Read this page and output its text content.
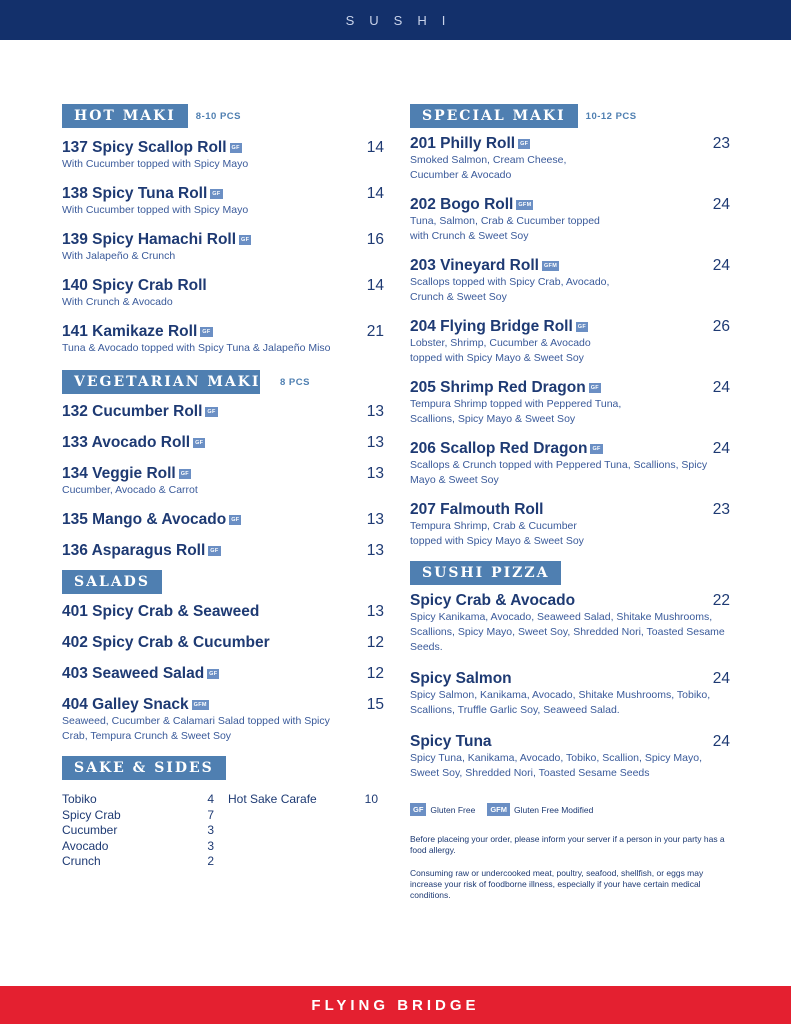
SUSHI
HOT MAKI	8-10 PCS
137 Spicy Scallop Roll GF	14
With Cucumber topped with Spicy Mayo
138 Spicy Tuna Roll GF	14
With Cucumber topped with Spicy Mayo
139 Spicy Hamachi Roll GF	16
With Jalapeño & Crunch
140 Spicy Crab Roll	14
With Crunch & Avocado
141 Kamikaze Roll GF	21
Tuna & Avocado topped with Spicy Tuna & Jalapeño Miso
VEGETARIAN MAKI 8 PCS
132 Cucumber Roll GF	13
133 Avocado Roll GF	13
134 Veggie Roll GF	13
Cucumber, Avocado & Carrot
135 Mango & Avocado GF	13
136 Asparagus Roll GF	13
SALADS
401 Spicy Crab & Seaweed	13
402 Spicy Crab & Cucumber	12
403 Seaweed Salad GF	12
404 Galley Snack GFM	15
Seaweed, Cucumber & Calamari Salad topped with Spicy Crab, Tempura Crunch & Sweet Soy
SAKE & SIDES
Tobiko	4
Spicy Crab	7
Cucumber	3
Avocado	3
Crunch	2
Hot Sake Carafe	10
SPECIAL MAKI	10-12 PCS
201 Philly Roll GF	23
Smoked Salmon, Cream Cheese, Cucumber & Avocado
202 Bogo Roll GFM	24
Tuna, Salmon, Crab & Cucumber topped with Crunch & Sweet Soy
203 Vineyard Roll GFM	24
Scallops topped with Spicy Crab, Avocado, Crunch & Sweet Soy
204 Flying Bridge Roll GF	26
Lobster, Shrimp, Cucumber & Avocado topped with Spicy Mayo & Sweet Soy
205 Shrimp Red Dragon GF	24
Tempura Shrimp topped with Peppered Tuna, Scallions, Spicy Mayo & Sweet Soy
206 Scallop Red Dragon GF	24
Scallops & Crunch topped with Peppered Tuna, Scallions, Spicy Mayo & Sweet Soy
207 Falmouth Roll	23
Tempura Shrimp, Crab & Cucumber topped with Spicy Mayo & Sweet Soy
SUSHI PIZZA
Spicy Crab & Avocado	22
Spicy Kanikama, Avocado, Seaweed Salad, Shitake Mushrooms, Scallions, Spicy Mayo, Sweet Soy, Shredded Nori, Toasted Sesame Seeds.
Spicy Salmon	24
Spicy Salmon, Kanikama, Avocado, Shitake Mushrooms, Tobiko, Scallions, Truffle Garlic Soy, Seaweed Salad.
Spicy Tuna	24
Spicy Tuna, Kanikama, Avocado, Tobiko, Scallion, Spicy Mayo, Sweet Soy, Shredded Nori, Toasted Sesame Seeds
GF Gluten Free	GFM Gluten Free Modified

Before placeing your order, please inform your server if a person in your party has a food allergy.

Consuming raw or undercooked meat, poultry, seafood, shellfish, or eggs may increase your risk of foodborne illness, especially if your have certain medical conditions.

FLYING BRIDGE
